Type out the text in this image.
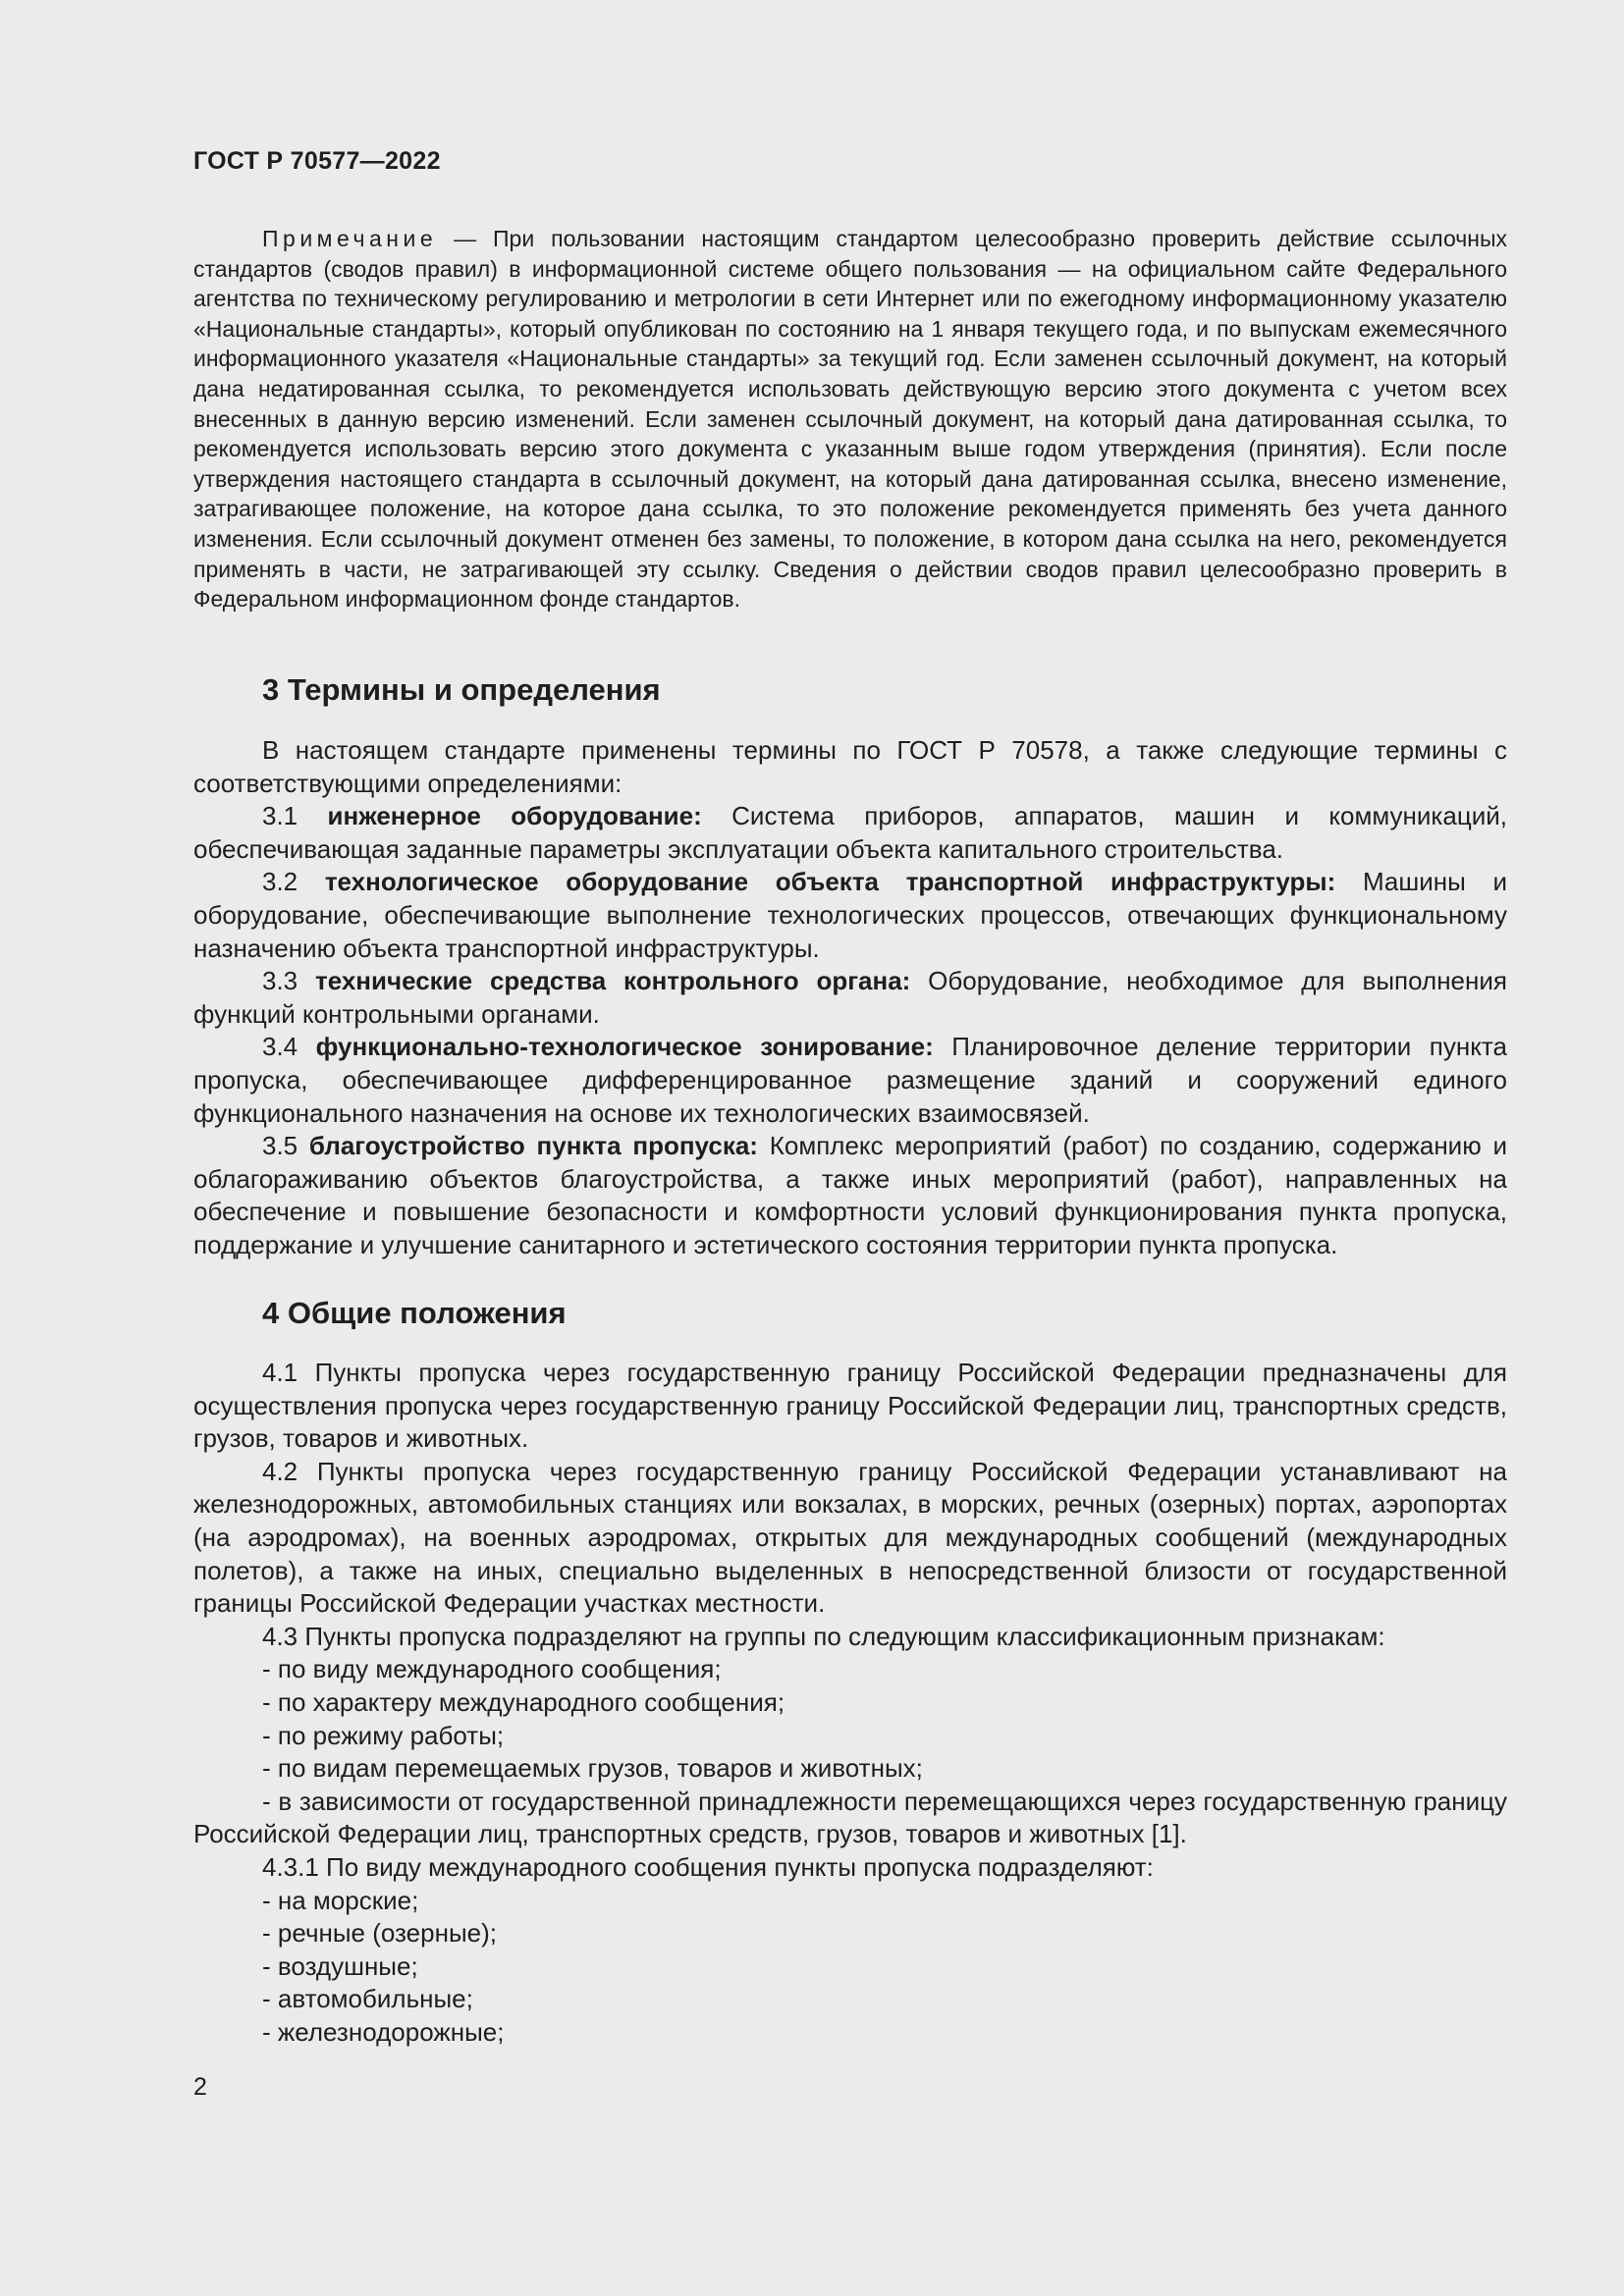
ГОСТ Р 70577—2022
Примечание — При пользовании настоящим стандартом целесообразно проверить действие ссылочных стандартов (сводов правил) в информационной системе общего пользования — на официальном сайте Федерального агентства по техническому регулированию и метрологии в сети Интернет или по ежегодному информационному указателю «Национальные стандарты», который опубликован по состоянию на 1 января текущего года, и по выпускам ежемесячного информационного указателя «Национальные стандарты» за текущий год. Если заменен ссылочный документ, на который дана недатированная ссылка, то рекомендуется использовать действующую версию этого документа с учетом всех внесенных в данную версию изменений. Если заменен ссылочный документ, на который дана датированная ссылка, то рекомендуется использовать версию этого документа с указанным выше годом утверждения (принятия). Если после утверждения настоящего стандарта в ссылочный документ, на который дана датированная ссылка, внесено изменение, затрагивающее положение, на которое дана ссылка, то это положение рекомендуется применять без учета данного изменения. Если ссылочный документ отменен без замены, то положение, в котором дана ссылка на него, рекомендуется применять в части, не затрагивающей эту ссылку. Сведения о действии сводов правил целесообразно проверить в Федеральном информационном фонде стандартов.
3 Термины и определения

В настоящем стандарте применены термины по ГОСТ Р 70578, а также следующие термины с соответствующими определениями:

3.1 инженерное оборудование: Система приборов, аппаратов, машин и коммуникаций, обеспечивающая заданные параметры эксплуатации объекта капитального строительства.

3.2 технологическое оборудование объекта транспортной инфраструктуры: Машины и оборудование, обеспечивающие выполнение технологических процессов, отвечающих функциональному назначению объекта транспортной инфраструктуры.

3.3 технические средства контрольного органа: Оборудование, необходимое для выполнения функций контрольными органами.

3.4 функционально-технологическое зонирование: Планировочное деление территории пункта пропуска, обеспечивающее дифференцированное размещение зданий и сооружений единого функционального назначения на основе их технологических взаимосвязей.

3.5 благоустройство пункта пропуска: Комплекс мероприятий (работ) по созданию, содержанию и облагораживанию объектов благоустройства, а также иных мероприятий (работ), направленных на обеспечение и повышение безопасности и комфортности условий функционирования пункта пропуска, поддержание и улучшение санитарного и эстетического состояния территории пункта пропуска.

4 Общие положения

4.1 Пункты пропуска через государственную границу Российской Федерации предназначены для осуществления пропуска через государственную границу Российской Федерации лиц, транспортных средств, грузов, товаров и животных.

4.2 Пункты пропуска через государственную границу Российской Федерации устанавливают на железнодорожных, автомобильных станциях или вокзалах, в морских, речных (озерных) портах, аэропортах (на аэродромах), на военных аэродромах, открытых для международных сообщений (международных полетов), а также на иных, специально выделенных в непосредственной близости от государственной границы Российской Федерации участках местности.

4.3 Пункты пропуска подразделяют на группы по следующим классификационным признакам:

- по виду международного сообщения;

- по характеру международного сообщения;

- по режиму работы;

- по видам перемещаемых грузов, товаров и животных;

- в зависимости от государственной принадлежности перемещающихся через государственную границу Российской Федерации лиц, транспортных средств, грузов, товаров и животных [1].

4.3.1 По виду международного сообщения пункты пропуска подразделяют:

- на морские;

- речные (озерные);

- воздушные;

- автомобильные;

- железнодорожные;

2
